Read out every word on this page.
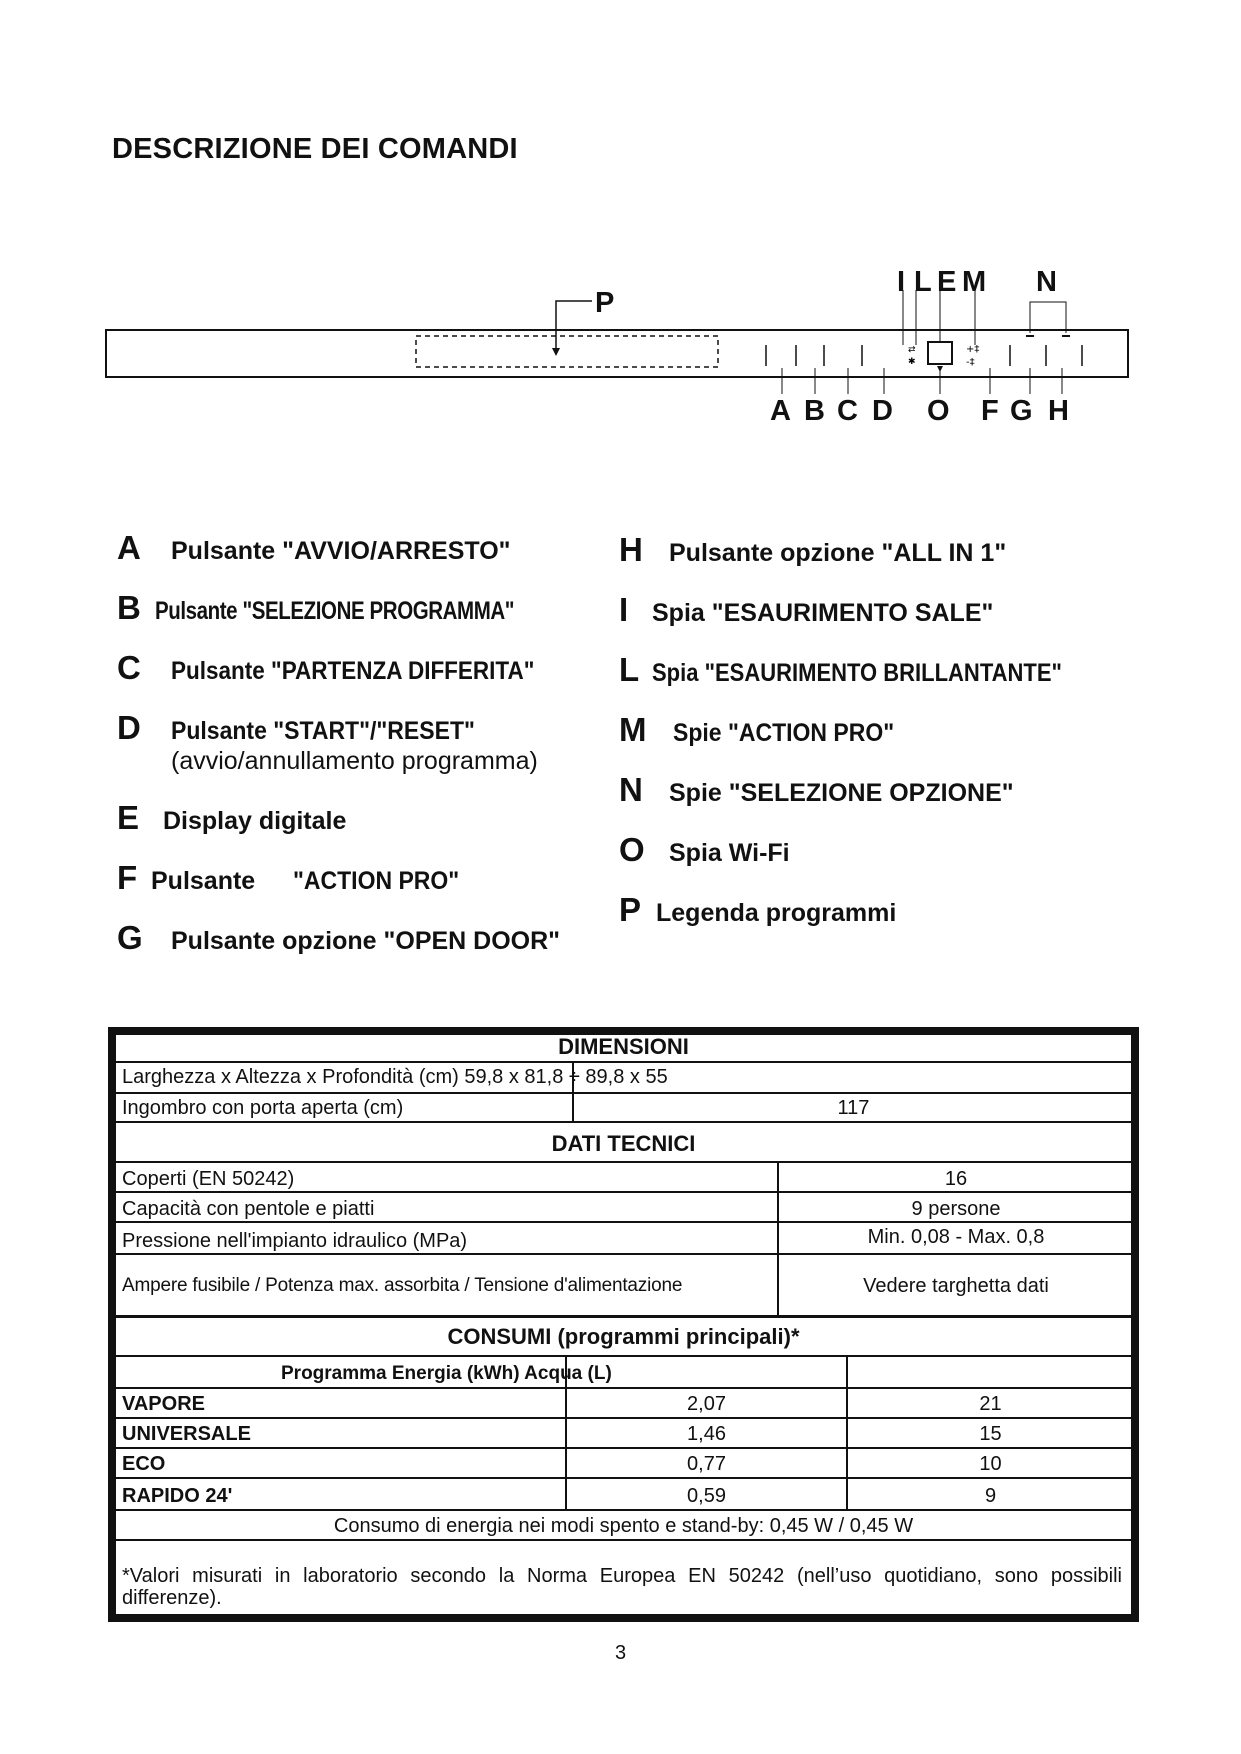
DESCRIZIONE DEI COMANDI
⇄
✱
+‡
-‡
I L E M N
P
A B C D O F G H
A	Pulsante "AVVIO/ARRESTO"
B Pulsante "SELEZIONE PROGRAMMA"
C	Pulsante "PARTENZA DIFFERITA"
D	Pulsante "START"/"RESET"
(avvio/annullamento programma)
E Display digitale
F Pulsante	"ACTION PRO"
G	Pulsante opzione "OPEN DOOR"
H	Pulsante opzione "ALL IN 1"
I Spia "ESAURIMENTO SALE"
L Spia "ESAURIMENTO BRILLANTANTE"
M	Spie "ACTION PRO"
N	Spie "SELEZIONE OPZIONE"
O Spia Wi-Fi
P Legenda programmi
DIMENSIONI
Larghezza x Altezza x Profondità (cm) 59,8 x 81,8 ÷ 89,8 x 55
Ingombro con porta aperta (cm)	117
DATI TECNICI
Coperti (EN 50242)	16
Capacità con pentole e piatti	9 persone
Pressione nell'impianto idraulico (MPa)	Min. 0,08 - Max. 0,8
Ampere fusibile / Potenza max. assorbita / Tensione d'alimentazione	Vedere targhetta dati
CONSUMI (programmi principali)*
Programma Energia (kWh) Acqua (L)
VAPORE	2,07	21
UNIVERSALE	1,46	15
ECO	0,77	10
RAPIDO 24'	0,59	9
Consumo di energia nei modi spento e stand-by: 0,45 W / 0,45 W
*Valori misurati in laboratorio secondo la Norma Europea EN 50242 (nell’uso quotidiano, sono possibili differenze).
3
